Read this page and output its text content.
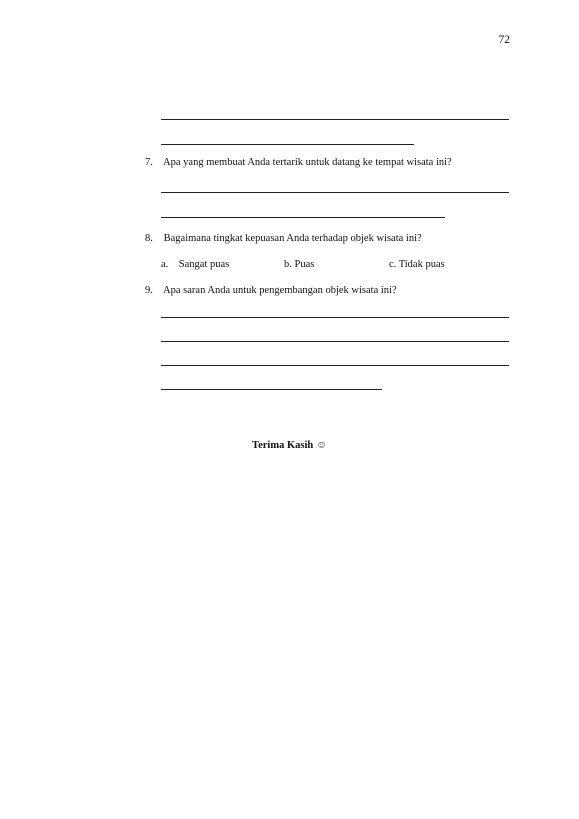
72
7. Apa yang membuat Anda tertarik untuk datang ke tempat wisata ini?
8. Bagaimana tingkat kepuasan Anda terhadap objek wisata ini?
a.    Sangat puas	b. Puas	c. Tidak puas
9. Apa saran Anda untuk pengembangan objek wisata ini?
Terima Kasih ☺
